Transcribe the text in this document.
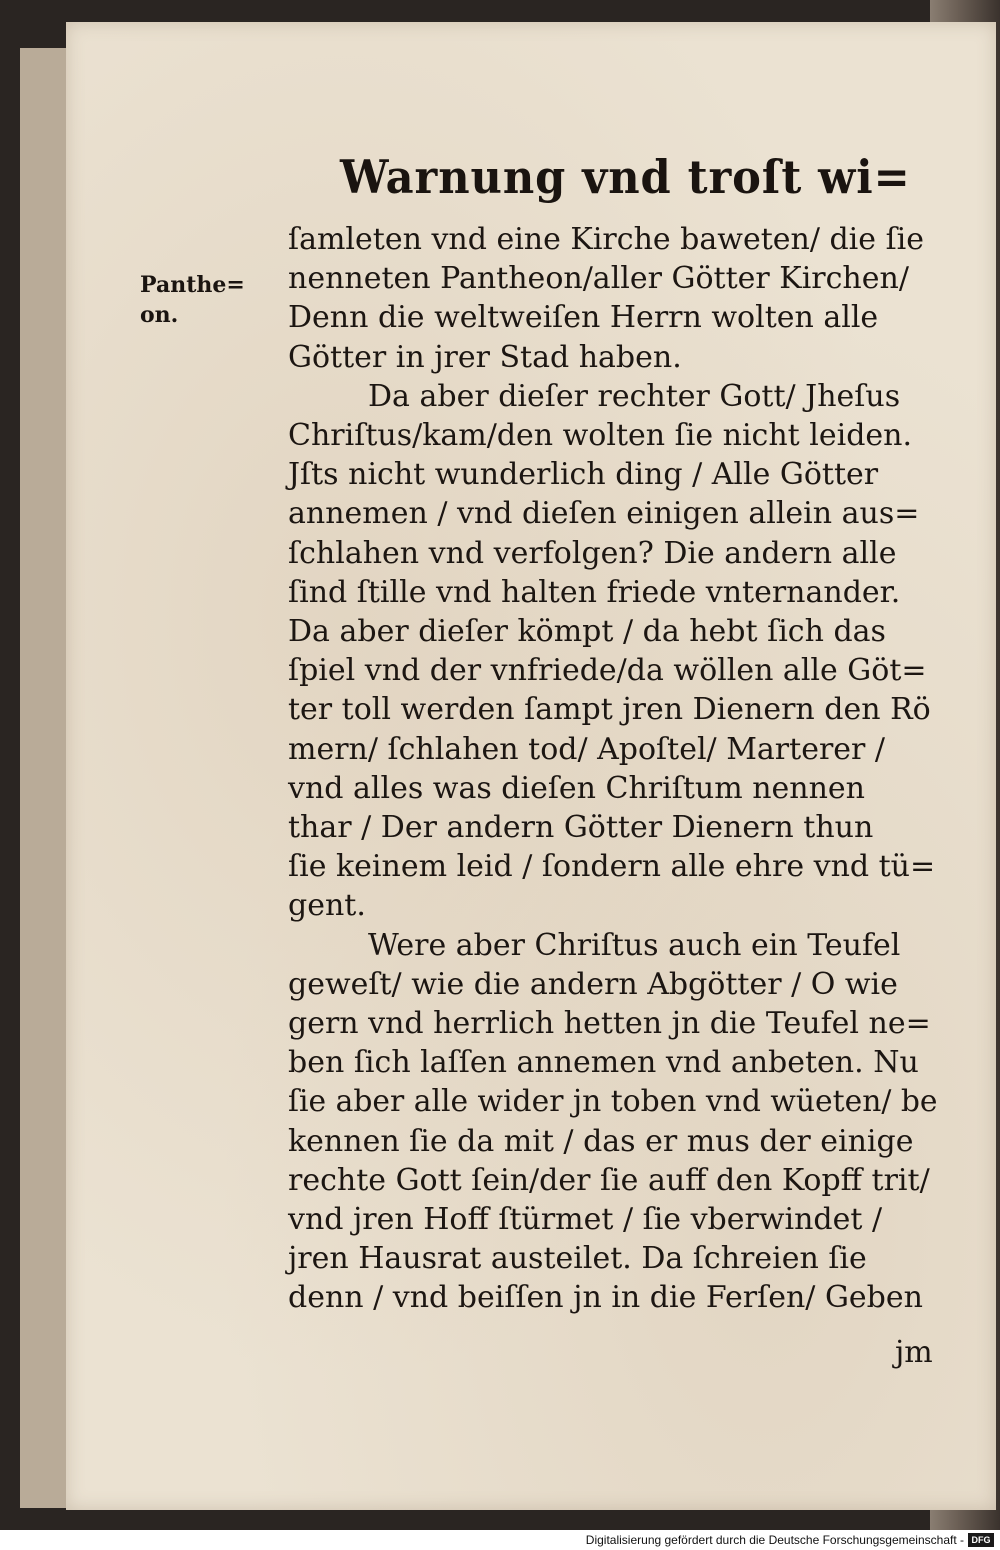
Warnung vnd troſt wi=
Panthe=
on.
ſamleten vnd eine Kirche baweten/ die ſie
nenneten Pantheon/aller Götter Kirchen/
Denn die weltweiſen Herrn wolten alle
Götter in jrer Stad haben.
Da aber dieſer rechter Gott/ Jheſus
Chriſtus/kam/den wolten ſie nicht leiden.
Jſts nicht wunderlich ding / Alle Götter
annemen / vnd dieſen einigen allein aus=
ſchlahen vnd verfolgen? Die andern alle
ſind ſtille vnd halten friede vnternander.
Da aber dieſer kömpt / da hebt ſich das
ſpiel vnd der vnfriede/da wöllen alle Göt=
ter toll werden ſampt jren Dienern den Rö
mern/ ſchlahen tod/ Apoſtel/ Marterer /
vnd alles was dieſen Chriſtum nennen
thar / Der andern Götter Dienern thun
ſie keinem leid / ſondern alle ehre vnd tü=
gent.
Were aber Chriſtus auch ein Teufel
geweſt/ wie die andern Abgötter / O wie
gern vnd herrlich hetten jn die Teufel ne=
ben ſich laſſen annemen vnd anbeten. Nu
ſie aber alle wider jn toben vnd wüeten/ be
kennen ſie da mit / das er mus der einige
rechte Gott ſein/der ſie auff den Kopff trit/
vnd jren Hoff ſtürmet / ſie vberwindet /
jren Hausrat austeilet. Da ſchreien ſie
denn / vnd beiſſen jn in die Ferſen/ Geben
jm
Digitalisierung gefördert durch die Deutsche Forschungsgemeinschaft - DFG
